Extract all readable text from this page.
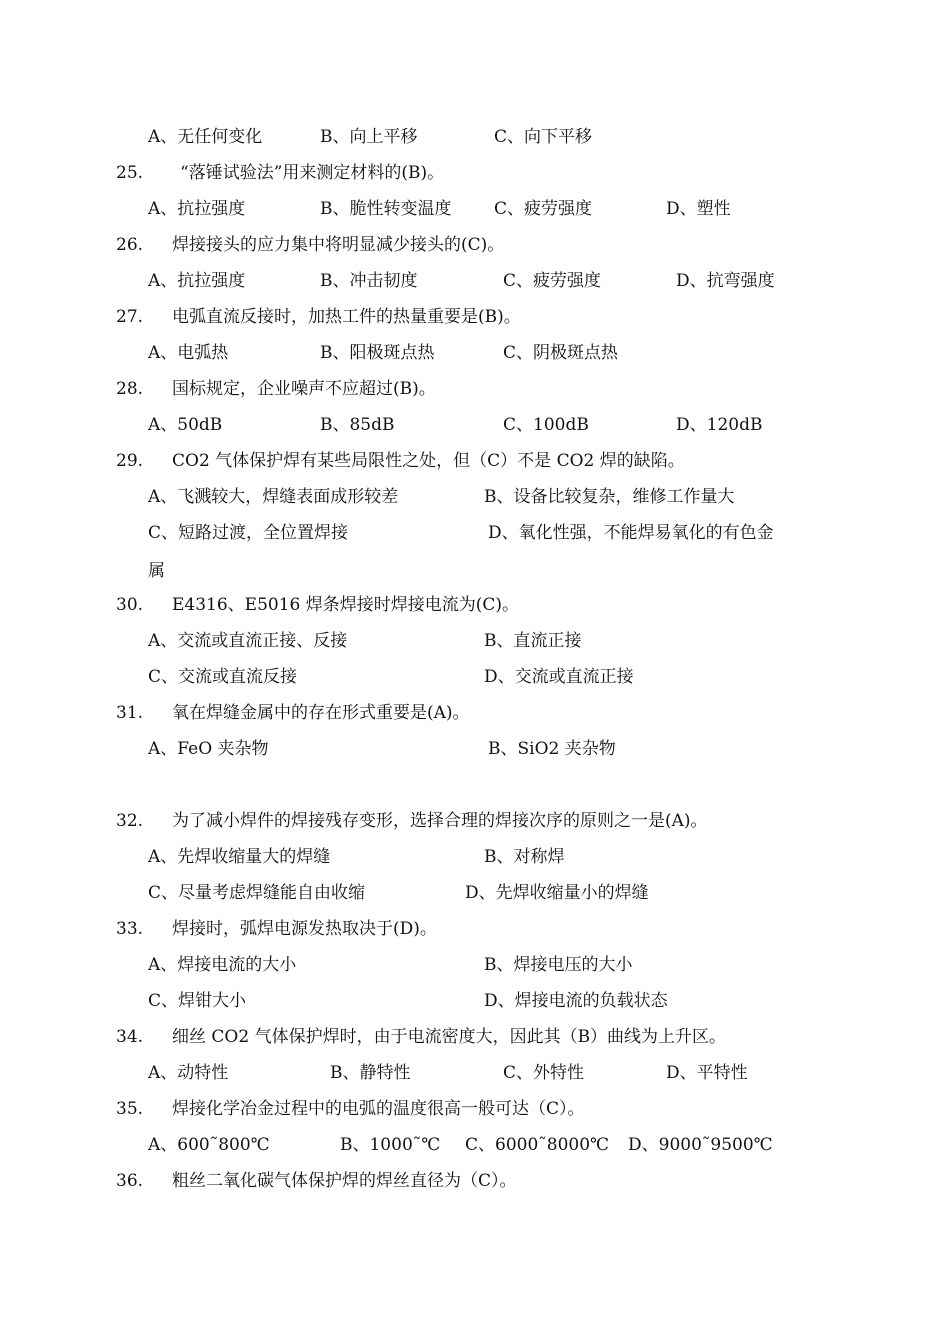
A、无任何变化	B、向上平移	C、向下平移
25. “落锤试验法”用来测定材料的(B)。
A、抗拉强度	B、脆性转变温度	C、疲劳强度	D、塑性
26. 焊接接头的应力集中将明显减少接头的(C)。
A、抗拉强度	B、冲击韧度	C、疲劳强度	D、抗弯强度
27. 电弧直流反接时，加热工件的热量重要是(B)。
A、电弧热	B、阳极斑点热	C、阴极斑点热
28. 国标规定，企业噪声不应超过(B)。
A、50dB	B、85dB	C、100dB	D、120dB
29. CO2 气体保护焊有某些局限性之处，但（C）不是 CO2 焊的缺陷。
A、飞溅较大，焊缝表面成形较差	B、设备比较复杂，维修工作量大
C、短路过渡，全位置焊接	D、氧化性强，不能焊易氧化的有色金
属
30. E4316、E5016 焊条焊接时焊接电流为(C)。
A、交流或直流正接、反接	B、直流正接
C、交流或直流反接	D、交流或直流正接
31. 氧在焊缝金属中的存在形式重要是(A)。
A、FeO 夹杂物	B、SiO2 夹杂物
32. 为了减小焊件的焊接残存变形，选择合理的焊接次序的原则之一是(A)。
A、先焊收缩量大的焊缝	B、对称焊
C、尽量考虑焊缝能自由收缩	D、先焊收缩量小的焊缝
33. 焊接时，弧焊电源发热取决于(D)。
A、焊接电流的大小	B、焊接电压的大小
C、焊钳大小	D、焊接电流的负载状态
34. 细丝 CO2 气体保护焊时，由于电流密度大，因此其（B）曲线为上升区。
A、动特性	B、静特性	C、外特性	D、平特性
35. 焊接化学冶金过程中的电弧的温度很高一般可达（C）。
A、600˜800℃	B、1000˜℃ C、6000˜8000℃ D、9000˜9500℃
36. 粗丝二氧化碳气体保护焊的焊丝直径为（C）。
